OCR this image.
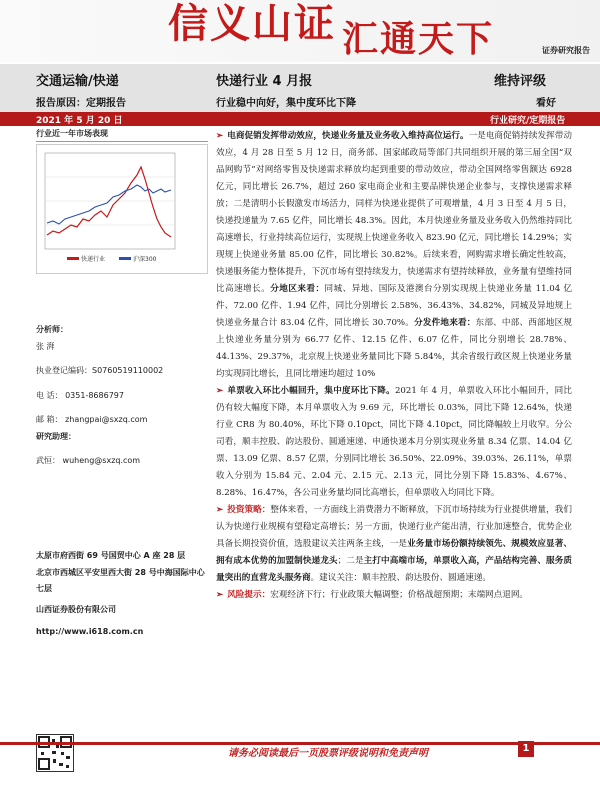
信义山证 汇通天下	证券研究报告
交通运输/快递	快递行业 4 月报	维持评级
报告原因：定期报告	行业稳中向好，集中度环比下降	看好
2021 年 5 月 20 日	行业研究/定期报告
行业近一年市场表现
快递行业	沪深300
分析师：
张 湃
执业登记编码：S0760519110002
电 话： 0351-8686797
邮 箱： zhangpai@sxzq.com
研究助理：
武恒： wuheng@sxzq.com
太原市府西街 69 号国贸中心 A 座 28 层
北京市西城区平安里西大街 28 号中海国际中心七层
山西证券股份有限公司
http://www.i618.com.cn

➢ 电商促销发挥带动效应，快递业务量及业务收入维持高位运行。一是电商促销持续发挥带动效应，4 月 28 日至 5 月 12 日，商务部、国家邮政局等部门共同组织开展的第三届全国“双品网购节”对网络零售及快递需求释放均起到重要的带动效应，带动全国网络零售额达 6928 亿元，同比增长 26.7%，超过 260 家电商企业和主要品牌快递企业参与，支撑快递需求释放；二是清明小长假激发市场活力，同样为快递业提供了可观增量，4 月 3 日至 4 月 5 日，快递投递量为 7.65 亿件，同比增长 48.3%。因此，本月快递业务量及业务收入仍然维持同比高速增长，行业持续高位运行，实现规上快递业务收入 823.90 亿元，同比增长 14.29%；实现规上快递业务量 85.00 亿件，同比增长 30.82%。后续来看，网购需求增长确定性较高，快递服务能力整体提升，下沉市场有望持续发力，快递需求有望持续释放，业务量有望维持同比高速增长。分地区来看：同城、异地、国际及港澳台分别实现规上快递业务量 11.04 亿件、72.00 亿件、1.94 亿件，同比分别增长 2.58%、36.43%、34.82%，同城及异地规上快递业务量合计 83.04 亿件，同比增长 30.70%。分发件地来看：东部、中部、西部地区规上快递业务量分别为 66.77 亿件、12.15 亿件、6.07 亿件，同比分别增长 28.78%、44.13%、29.37%，北京规上快递业务量同比下降 5.84%，其余省级行政区规上快递业务量均实现同比增长，且同比增速均超过 10%

➢ 单票收入环比小幅回升，集中度环比下降。2021 年 4 月，单票收入环比小幅回升，同比仍有较大幅度下降，本月单票收入为 9.69 元，环比增长 0.03%，同比下降 12.64%，快递行业 CR8 为 80.40%，环比下降 0.10pct，同比下降 4.10pct，同比降幅较上月收窄。分公司看，顺丰控股、韵达股份、圆通速递、申通快递本月分别实现业务量 8.34 亿票、14.04 亿票、13.09 亿票、8.57 亿票，分别同比增长 36.50%、22.09%、39.03%、26.11%，单票收入分别为 15.84 元、2.04 元、2.15 元、2.13 元，同比分别下降 15.83%、4.67%、8.28%、16.47%，各公司业务量均同比高增长，但单票收入均同比下降。

➢ 投资策略：整体来看，一方面线上消费潜力不断释放，下沉市场持续为行业提供增量，我们认为快递行业规模有望稳定高增长；另一方面，快递行业产能出清，行业加速整合，优势企业具备长期投资价值，选股建议关注两条主线，一是业务量市场份额持续领先、规模效应显著、拥有成本优势的加盟制快递龙头；二是主打中高端市场，单票收入高，产品结构完善、服务质量突出的直营龙头服务商。建议关注：顺丰控股、韵达股份、圆通速递。

➢ 风险提示：宏观经济下行；行业政策大幅调整；价格战超预期；末端网点退网。

请务必阅读最后一页股票评级说明和免责声明	1
